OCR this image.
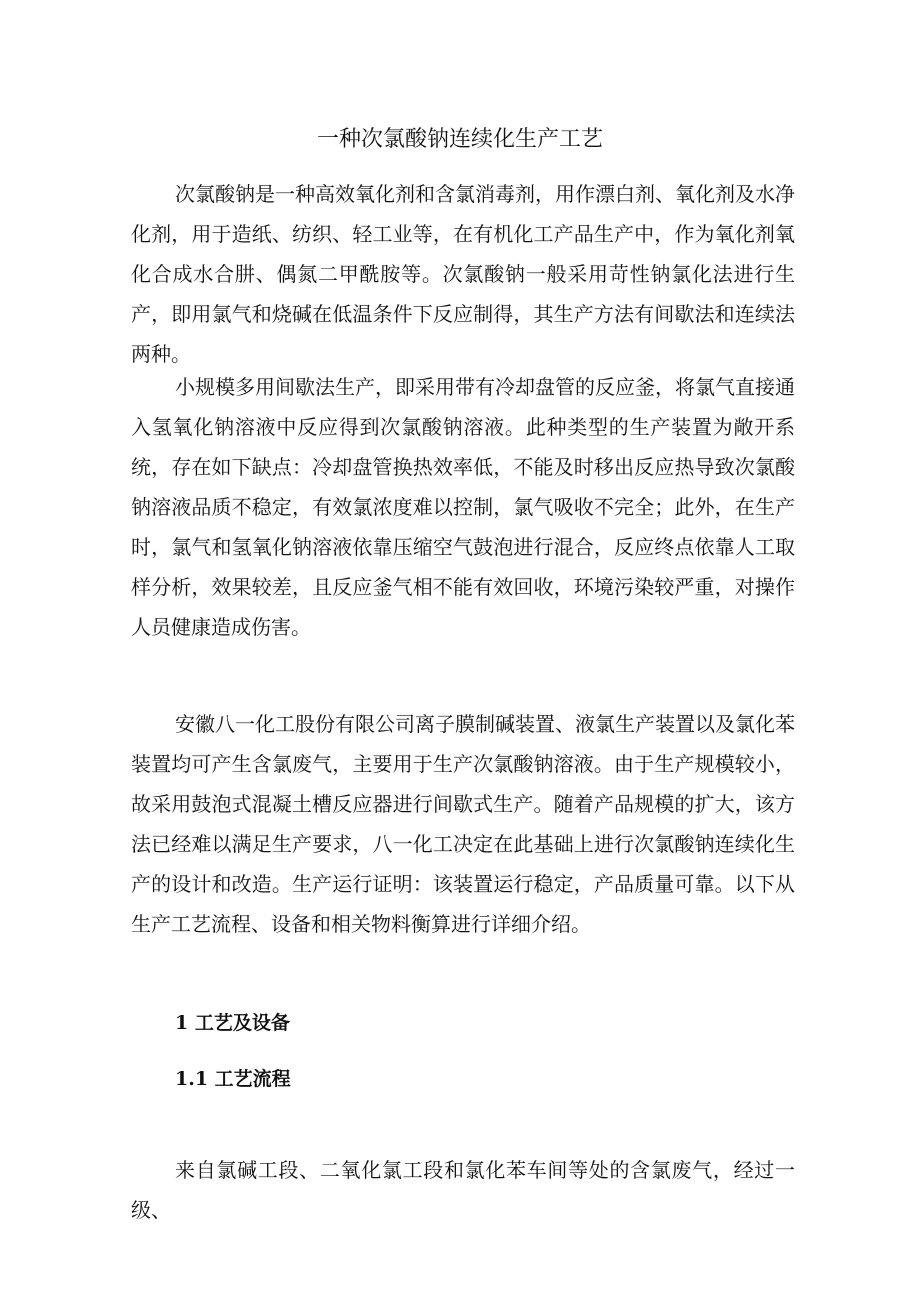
一种次氯酸钠连续化生产工艺

次氯酸钠是一种高效氧化剂和含氯消毒剂，用作漂白剂、氧化剂及水净化剂，用于造纸、纺织、轻工业等，在有机化工产品生产中，作为氧化剂氧化合成水合肼、偶氮二甲酰胺等。次氯酸钠一般采用苛性钠氯化法进行生产，即用氯气和烧碱在低温条件下反应制得，其生产方法有间歇法和连续法两种。

小规模多用间歇法生产，即采用带有冷却盘管的反应釜，将氯气直接通入氢氧化钠溶液中反应得到次氯酸钠溶液。此种类型的生产装置为敞开系统，存在如下缺点：冷却盘管换热效率低，不能及时移出反应热导致次氯酸钠溶液品质不稳定，有效氯浓度难以控制，氯气吸收不完全；此外，在生产时，氯气和氢氧化钠溶液依靠压缩空气鼓泡进行混合，反应终点依靠人工取样分析，效果较差，且反应釜气相不能有效回收，环境污染较严重，对操作人员健康造成伤害。

安徽八一化工股份有限公司离子膜制碱装置、液氯生产装置以及氯化苯装置均可产生含氯废气，主要用于生产次氯酸钠溶液。由于生产规模较小，故采用鼓泡式混凝土槽反应器进行间歇式生产。随着产品规模的扩大，该方法已经难以满足生产要求，八一化工决定在此基础上进行次氯酸钠连续化生产的设计和改造。生产运行证明：该装置运行稳定，产品质量可靠。以下从生产工艺流程、设备和相关物料衡算进行详细介绍。

1 工艺及设备
1.1 工艺流程

来自氯碱工段、二氧化氯工段和氯化苯车间等处的含氯废气，经过一级、
